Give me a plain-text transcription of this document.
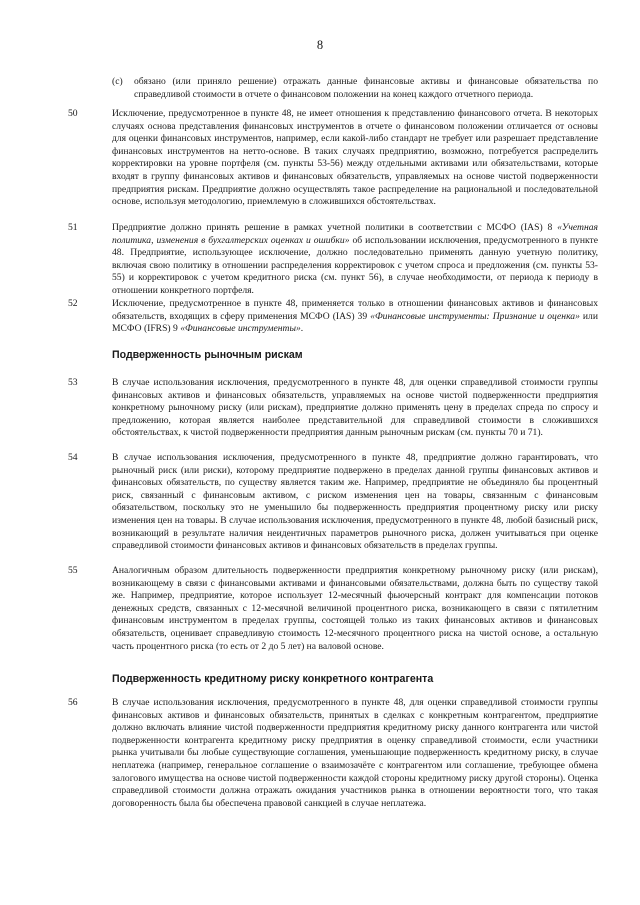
8
(c) обязано (или приняло решение) отражать данные финансовые активы и финансовые обязательства по справедливой стоимости в отчете о финансовом положении на конец каждого отчетного периода.

50	Исключение, предусмотренное в пункте 48, не имеет отношения к представлению финансового отчета. В некоторых случаях основа представления финансовых инструментов в отчете о финансовом положении отличается от основы для оценки финансовых инструментов, например, если какой-либо стандарт не требует или разрешает представление финансовых инструментов на нетто-основе. В таких случаях предприятию, возможно, потребуется распределить корректировки на уровне портфеля (см. пункты 53-56) между отдельными активами или обязательствами, которые входят в группу финансовых активов и финансовых обязательств, управляемых на основе чистой подверженности предприятия рискам. Предприятие должно осуществлять такое распределение на рациональной и последовательной основе, используя методологию, приемлемую в сложившихся обстоятельствах.

51	Предприятие должно принять решение в рамках учетной политики в соответствии с МСФО (IAS) 8 «Учетная политика, изменения в бухгалтерских оценках и ошибки» об использовании исключения, предусмотренного в пункте 48. Предприятие, использующее исключение, должно последовательно применять данную учетную политику, включая свою политику в отношении распределения корректировок с учетом спроса и предложения (см. пункты 53-55) и корректировок с учетом кредитного риска (см. пункт 56), в случае необходимости, от периода к периоду в отношении конкретного портфеля.

52	Исключение, предусмотренное в пункте 48, применяется только в отношении финансовых активов и финансовых обязательств, входящих в сферу применения МСФО (IAS) 39 «Финансовые инструменты: Признание и оценка» или МСФО (IFRS) 9 «Финансовые инструменты».

Подверженность рыночным рискам
53	В случае использования исключения, предусмотренного в пункте 48, для оценки справедливой стоимости группы финансовых активов и финансовых обязательств, управляемых на основе чистой подверженности предприятия конкретному рыночному риску (или рискам), предприятие должно применять цену в пределах спреда по спросу и предложению, которая является наиболее представительной для справедливой стоимости в сложившихся обстоятельствах, к чистой подверженности предприятия данным рыночным рискам (см. пункты 70 и 71).

54	В случае использования исключения, предусмотренного в пункте 48, предприятие должно гарантировать, что рыночный риск (или риски), которому предприятие подвержено в пределах данной группы финансовых активов и финансовых обязательств, по существу является таким же. Например, предприятие не объединяло бы процентный риск, связанный с финансовым активом, с риском изменения цен на товары, связанным с финансовым обязательством, поскольку это не уменьшило бы подверженность предприятия процентному риску или риску изменения цен на товары. В случае использования исключения, предусмотренного в пункте 48, любой базисный риск, возникающий в результате наличия неидентичных параметров рыночного риска, должен учитываться при оценке справедливой стоимости финансовых активов и финансовых обязательств в пределах группы.

55	Аналогичным образом длительность подверженности предприятия конкретному рыночному риску (или рискам), возникающему в связи с финансовыми активами и финансовыми обязательствами, должна быть по существу такой же. Например, предприятие, которое использует 12-месячный фьючерсный контракт для компенсации потоков денежных средств, связанных с 12-месячной величиной процентного риска, возникающего в связи с пятилетним финансовым инструментом в пределах группы, состоящей только из таких финансовых активов и финансовых обязательств, оценивает справедливую стоимость 12-месячного процентного риска на чистой основе, а остальную часть процентного риска (то есть от 2 до 5 лет) на валовой основе.

Подверженность кредитному риску конкретного контрагента
56	В случае использования исключения, предусмотренного в пункте 48, для оценки справедливой стоимости группы финансовых активов и финансовых обязательств, принятых в сделках с конкретным контрагентом, предприятие должно включать влияние чистой подверженности предприятия кредитному риску данного контрагента или чистой подверженности контрагента кредитному риску предприятия в оценку справедливой стоимости, если участники рынка учитывали бы любые существующие соглашения, уменьшающие подверженность кредитному риску, в случае неплатежа (например, генеральное соглашение о взаимозачёте с контрагентом или соглашение, требующее обмена залогового имущества на основе чистой подверженности каждой стороны кредитному риску другой стороны). Оценка справедливой стоимости должна отражать ожидания участников рынка в отношении вероятности того, что такая договоренность была бы обеспечена правовой санкцией в случае неплатежа.
